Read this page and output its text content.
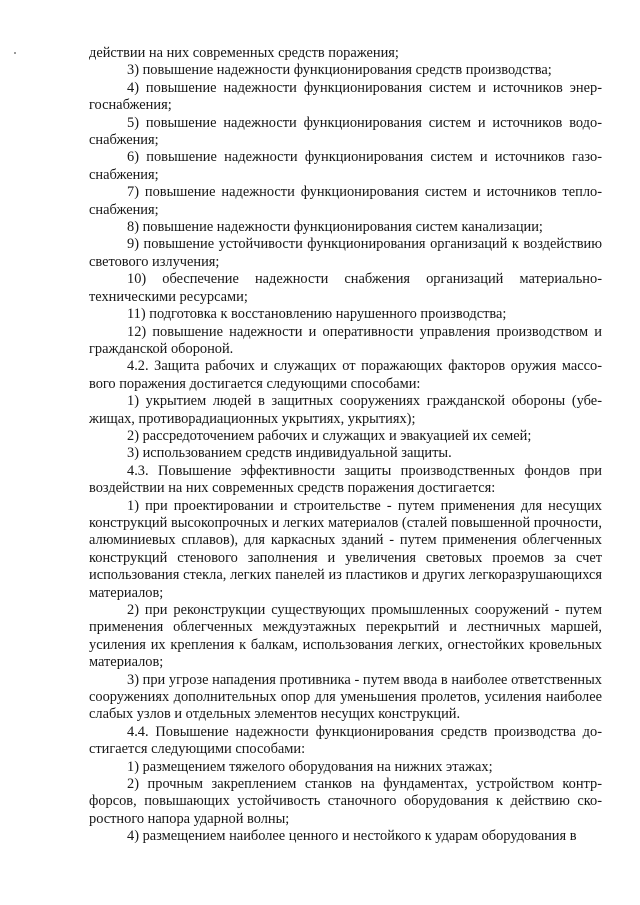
действии на них современных средств поражения;

3) повышение надежности функционирования средств производства;

4) повышение надежности функционирования систем и источников энергоснабжения;

5) повышение надежности функционирования систем и источников водоснабжения;

6) повышение надежности функционирования систем и источников газоснабжения;

7) повышение надежности функционирования систем и источников теплоснабжения;

8) повышение надежности функционирования систем канализации;

9) повышение устойчивости функционирования организаций к воздействию светового излучения;

10) обеспечение надежности снабжения организаций материально-техническими ресурсами;

11) подготовка к восстановлению нарушенного производства;

12) повышение надежности и оперативности управления производством и гражданской обороной.

4.2. Защита рабочих и служащих от поражающих факторов оружия массового поражения достигается следующими способами:

1) укрытием людей в защитных сооружениях гражданской обороны (убежищах, противорадиационных укрытиях, укрытиях);

2) рассредоточением рабочих и служащих и эвакуацией их семей;

3) использованием средств индивидуальной защиты.

4.3. Повышение эффективности защиты производственных фондов при воздействии на них современных средств поражения достигается:

1) при проектировании и строительстве - путем применения для несущих конструкций высокопрочных и легких материалов (сталей повышенной прочности, алюминиевых сплавов), для каркасных зданий - путем применения облегченных конструкций стенового заполнения и увеличения световых проемов за счет использования стекла, легких панелей из пластиков и других легкоразрушающихся материалов;

2) при реконструкции существующих промышленных сооружений - путем применения облегченных междуэтажных перекрытий и лестничных маршей, усиления их крепления к балкам, использования легких, огнестойких кровельных материалов;

3) при угрозе нападения противника - путем ввода в наиболее ответственных сооружениях дополнительных опор для уменьшения пролетов, усиления наиболее слабых узлов и отдельных элементов несущих конструкций.

4.4. Повышение надежности функционирования средств производства достигается следующими способами:

1) размещением тяжелого оборудования на нижних этажах;

2) прочным закреплением станков на фундаментах, устройством контрфорсов, повышающих устойчивость станочного оборудования к действию скоростного напора ударной волны;

4) размещением наиболее ценного и нестойкого к ударам оборудования в
